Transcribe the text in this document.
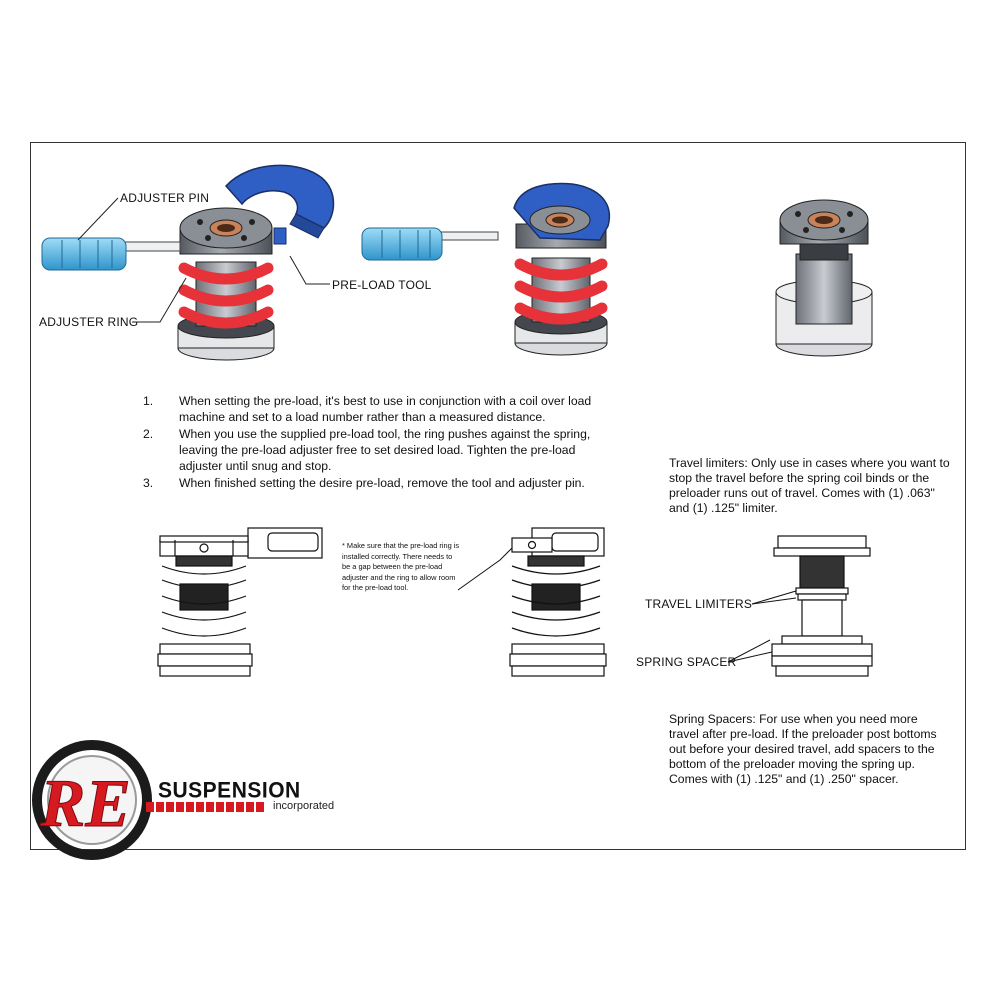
RE
ADJUSTER PIN
PRE-LOAD TOOL
ADJUSTER RING
TRAVEL LIMITERS
SPRING SPACER
1.	When setting the pre-load, it's best to use in conjunction with a coil over load machine and set to a load number rather than a measured distance.
2.	When you use the supplied pre-load tool, the ring pushes against the spring, leaving the pre-load adjuster free to set desired load. Tighten the pre-load adjuster until snug and stop.
3.	When finished setting the desire pre-load, remove the tool and adjuster pin.
* Make sure that the pre-load ring is installed correctly. There needs to be a gap between the pre-load adjuster and the ring to allow room for the pre-load tool.
Travel limiters: Only use in cases where you want to stop the travel before the spring coil binds or the preloader runs out of travel. Comes with (1) .063" and (1) .125" limiter.
Spring Spacers: For use when you need more travel after pre-load. If the preloader post bottoms out before your desired travel, add spacers to the bottom of the preloader moving the spring up. Comes with (1) .125" and (1) .250" spacer.
SUSPENSION
incorporated
